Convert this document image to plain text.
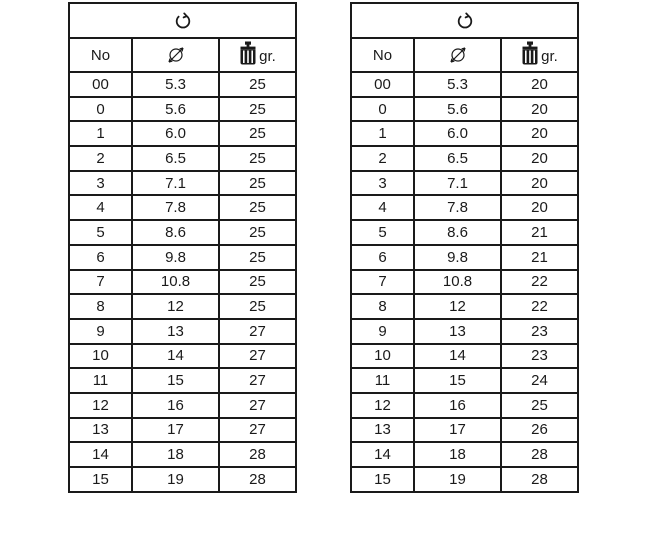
No		gr.

00	5.3	25
0	5.6	25
1	6.0	25
2	6.5	25
3	7.1	25
4	7.8	25
5	8.6	25
6	9.8	25
7	10.8	25
8	12	25
9	13	27
10	14	27
11	15	27
12	16	27
13	17	27
14	18	28
15	19	28

No		gr.

00	5.3	20
0	5.6	20
1	6.0	20
2	6.5	20
3	7.1	20
4	7.8	20
5	8.6	21
6	9.8	21
7	10.8	22
8	12	22
9	13	23
10	14	23
11	15	24
12	16	25
13	17	26
14	18	28
15	19	28
